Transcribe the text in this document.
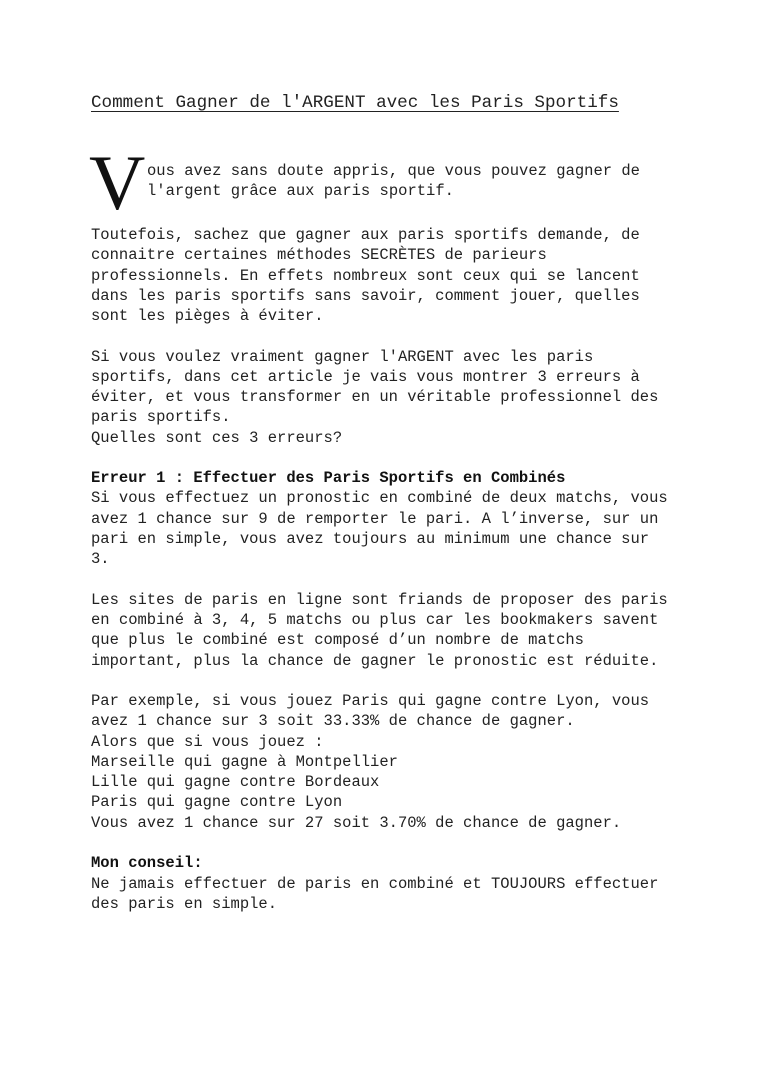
Comment Gagner de l'ARGENT avec les Paris Sportifs
V ous avez sans doute appris, que vous pouvez gagner de
l'argent grâce aux paris sportif.
Toutefois, sachez que gagner aux paris sportifs demande, de
connaitre certaines méthodes SECRÈTES de parieurs
professionnels. En effets nombreux sont ceux qui se lancent
dans les paris sportifs sans savoir, comment jouer, quelles
sont les pièges à éviter.
Si vous voulez vraiment gagner l'ARGENT avec les paris
sportifs, dans cet article je vais vous montrer 3 erreurs à
éviter, et vous transformer en un véritable professionnel des
paris sportifs.
Quelles sont ces 3 erreurs?
Erreur 1 : Effectuer des Paris Sportifs en Combinés
Si vous effectuez un pronostic en combiné de deux matchs, vous
avez 1 chance sur 9 de remporter le pari. A l’inverse, sur un
pari en simple, vous avez toujours au minimum une chance sur
3.
Les sites de paris en ligne sont friands de proposer des paris
en combiné à 3, 4, 5 matchs ou plus car les bookmakers savent
que plus le combiné est composé d’un nombre de matchs
important, plus la chance de gagner le pronostic est réduite.
Par exemple, si vous jouez Paris qui gagne contre Lyon, vous
avez 1 chance sur 3 soit 33.33% de chance de gagner.
Alors que si vous jouez :
Marseille qui gagne à Montpellier
Lille qui gagne contre Bordeaux
Paris qui gagne contre Lyon
Vous avez 1 chance sur 27 soit 3.70% de chance de gagner.
Mon conseil:
Ne jamais effectuer de paris en combiné et TOUJOURS effectuer
des paris en simple.
